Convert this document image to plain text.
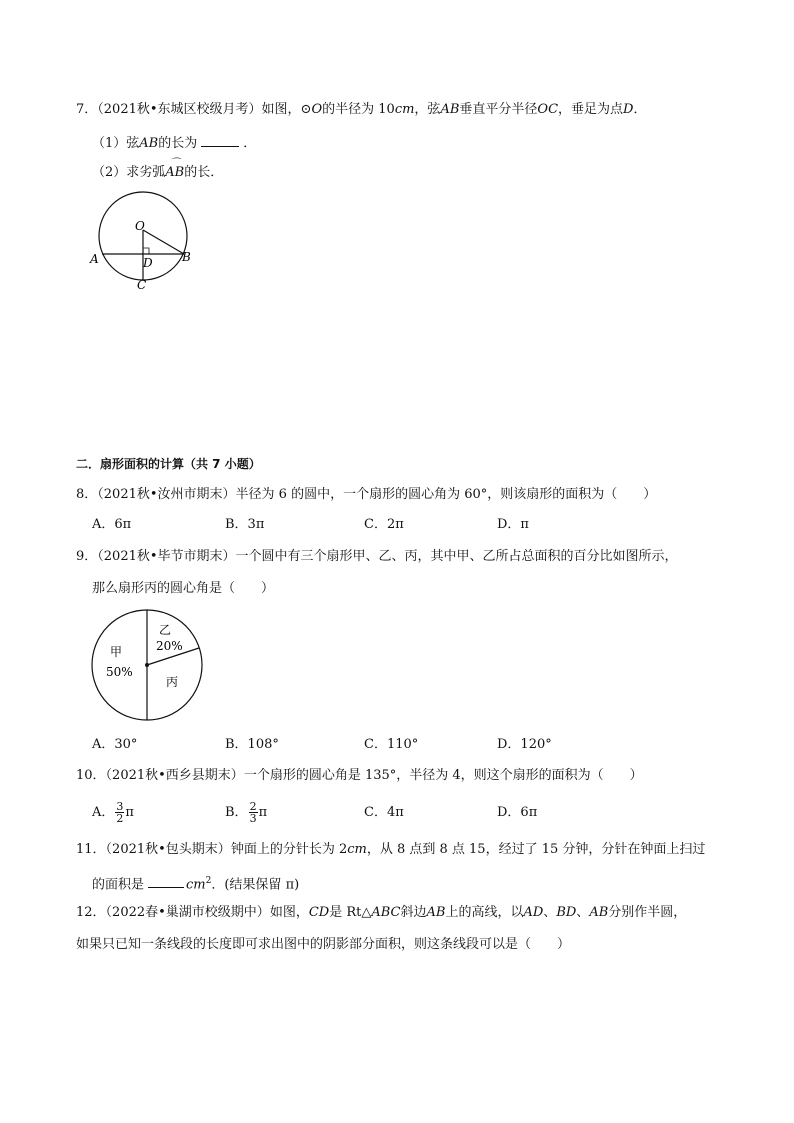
7．（2021秋•东城区校级月考）如图，⊙O的半径为 10cm，弦AB垂直平分半径OC，垂足为点D．
（1）弦AB的长为	．
（2）求劣弧⌒ AB的长．
O
A	B
C
D
二．扇形面积的计算（共 7 小题）
8．（2021秋•汝州市期末）半径为 6 的圆中，一个扇形的圆心角为 60°，则该扇形的面积为（　　）
A．6π	B．3π	C．2π	D．π
9．（2021秋•毕节市期末）一个圆中有三个扇形甲、乙、丙，其中甲、乙所占总面积的百分比如图所示，
那么扇形丙的圆心角是（　　）
甲
50%
乙
20%
丙
A．30°	B．108°	C．110°	D．120°
10．（2021秋•西乡县期末）一个扇形的圆心角是 135°，半径为 4，则这个扇形的面积为（　　）
A． $\frac{3}{2}$ π	B． $\frac{2}{3}$ π	C．4π	D．6π
11．（2021秋•包头期末）钟面上的分针长为 2cm，从 8 点到 8 点 15，经过了 15 分钟，分针在钟面上扫过
的面积是	$cm^2$．(结果保留 π)
12．（2022春•巢湖市校级期中）如图，CD是 Rt△ABC斜边AB上的高线，以AD、BD、AB分别作半圆，
如果只已知一条线段的长度即可求出图中的阴影部分面积，则这条线段可以是（　　）
